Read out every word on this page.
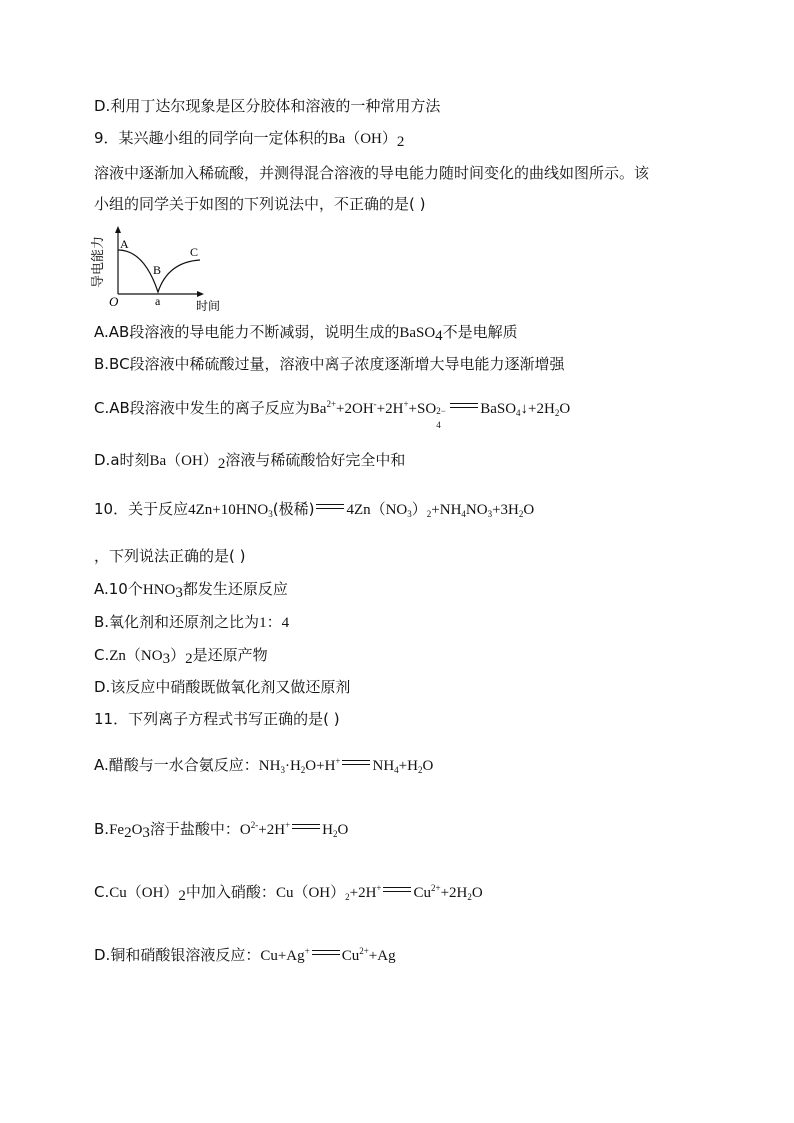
D.利用丁达尔现象是区分胶体和溶液的一种常用方法
9．某兴趣小组的同学向一定体积的$Ba(OH)_2$
溶液中逐渐加入稀硫酸，并测得混合溶液的导电能力随时间变化的曲线如图所示。该
小组的同学关于如图的下列说法中，不正确的是( )
导电能力
O
A
B
C
a	时间
A.AB段溶液的导电能力不断减弱，说明生成的BaSO$_4$不是电解质
B.BC段溶液中稀硫酸过量，溶液中离子浓度逐渐增大导电能力逐渐增强
C.AB段溶液中发生的离子反应为$Ba^{2+}+2OH^-+2H^++SO$ 2−
4
$BaSO_4↓+2H_2O$
D.a时刻$Ba(OH)_2$溶液与稀硫酸恰好完全中和
10．关于反应$4Zn+10HNO_3$(极稀) $4Zn(NO_3)_2+NH_4NO_3+3H_2O$
，下列说法正确的是( )
A.10个$HNO_3$都发生还原反应
B.氧化剂和还原剂之比为1：4
$C.Zn(NO_3)_2$是还原产物
D.该反应中硝酸既做氧化剂又做还原剂
11．下列离子方程式书写正确的是( )
A.醋酸与一水合氨反应：$NH_3\cdot H_2O+H^+$ $NH_4+H_2O$
$B.Fe_2O_3$溶于盐酸中：$O^{2-}+2H^+$ $H_2O$
$C.Cu(OH)_2$中加入硝酸：$Cu(OH)_2+2H^+$ $Cu^{2+}+2H_2O$
D.铜和硝酸银溶液反应：Cu+Ag+ $Cu^{2+}+Ag$
